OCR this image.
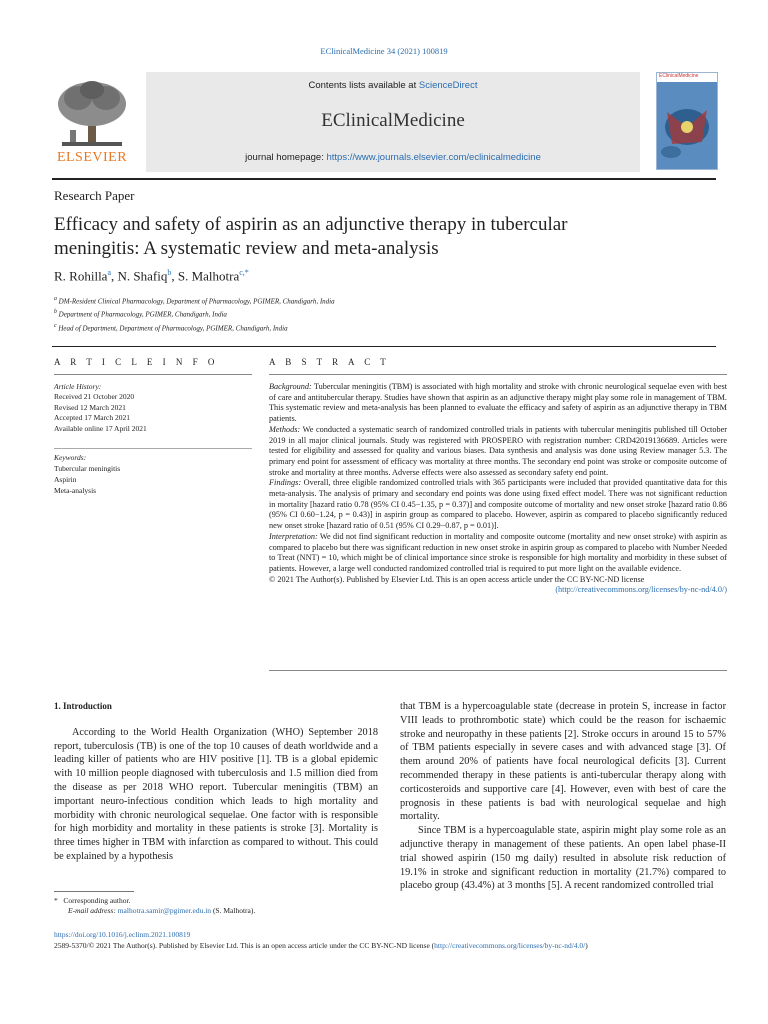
EClinicalMedicine 34 (2021) 100819
ELSEVIER
Contents lists available at ScienceDirect
EClinicalMedicine
journal homepage: https://www.journals.elsevier.com/eclinicalmedicine
EClinicalMedicine
Research Paper
Efficacy and safety of aspirin as an adjunctive therapy in tubercular meningitis: A systematic review and meta-analysis
R. Rohilla$^a$, N. Shafiq$^b$, S. Malhotra$^{c,*}$
$^a$ DM-Resident Clinical Pharmacology, Department of Pharmacology, PGIMER, Chandigarh, India
$^b$ Department of Pharmacology, PGIMER, Chandigarh, India
$^c$ Head of Department, Department of Pharmacology, PGIMER, Chandigarh, India
A R T I C L E I N F O
Article History:
Received 21 October 2020
Revised 12 March 2021
Accepted 17 March 2021
Available online 17 April 2021
Keywords:
Tubercular meningitis
Aspirin
Meta-analysis
A B S T R A C T

Background: Tubercular meningitis (TBM) is associated with high mortality and stroke with chronic neurological sequelae even with best of care and antitubercular therapy. Studies have shown that aspirin as an adjunctive therapy might play some role in management of TBM. This systematic review and meta-analysis has been planned to evaluate the efficacy and safety of aspirin as an adjunctive therapy in TBM patients.

Methods: We conducted a systematic search of randomized controlled trials in patients with tubercular meningitis published till October 2019 in all major clinical journals. Study was registered with PROSPERO with registration number: CRD42019136689. Articles were tested for eligibility and assessed for quality and various biases. Data synthesis and analysis was done using Review manager 5.3. The primary end point for assessment of efficacy was mortality at three months. The secondary end point was stroke or composite outcome of stroke and mortality at three months. Adverse effects were also assessed as secondary safety end point.

Findings: Overall, three eligible randomized controlled trials with 365 participants were included that provided quantitative data for this meta-analysis. The analysis of primary and secondary end points was done using fixed effect model. There was not significant reduction in mortality [hazard ratio 0.78 (95% CI 0.45−1.35, p = 0.37)] and composite outcome of mortality and new onset stroke [hazard ratio 0.86 (95% CI 0.60−1.24, p = 0.43)] in aspirin group as compared to placebo. However, aspirin as compared to placebo significantly reduced new onset stroke [hazard ratio of 0.51 (95% CI 0.29−0.87, p = 0.01)].

Interpretation: We did not find significant reduction in mortality and composite outcome (mortality and new onset stroke) with aspirin as compared to placebo but there was significant reduction in new onset stroke in aspirin group as compared to placebo with Number Needed to Treat (NNT) = 10, which might be of clinical importance since stroke is responsible for high mortality and morbidity in these subset of patients. However, a large well conducted randomized controlled trial is required to put more light on the available evidence.

© 2021 The Author(s). Published by Elsevier Ltd. This is an open access article under the CC BY-NC-ND license

(http://creativecommons.org/licenses/by-nc-nd/4.0/)

1. Introduction

According to the World Health Organization (WHO) September 2018 report, tuberculosis (TB) is one of the top 10 causes of death worldwide and a leading killer of patients who are HIV positive [1]. TB is a global epidemic with 10 million people diagnosed with tuberculosis and 1.5 million died from the disease as per 2018 WHO report. Tubercular meningitis (TBM) an important neuro-infectious condition which leads to high mortality and morbidity with chronic neurological sequelae. One factor with is responsible for high morbidity and mortality in these patients is stroke [3]. Mortality is three times higher in TBM with infarction as compared to without. This could be explained by a hypothesis

that TBM is a hypercoagulable state (decrease in protein S, increase in factor VIII leads to prothrombotic state) which could be the reason for ischaemic stroke and neuropathy in these patients [2]. Stroke occurs in around 15 to 57% of TBM patients especially in severe cases and with advanced stage [3]. Of them around 20% of patients have focal neurological deficits [3]. Current recommended therapy in these patients is anti-tubercular therapy along with corticosteroids and supportive care [4]. However, even with best of care the prognosis in these patients is bad with neurological sequelae and high mortality.

Since TBM is a hypercoagulable state, aspirin might play some role as an adjunctive therapy in management of these patients. An open label phase-II trial showed aspirin (150 mg daily) resulted in absolute risk reduction of 19.1% in stroke and significant reduction in mortality (21.7%) compared to placebo group (43.4%) at 3 months [5]. A recent randomized controlled trial

* Corresponding author.
E-mail address: malhotra.samir@pgimer.edu.in (S. Malhotra).
https://doi.org/10.1016/j.eclinm.2021.100819
2589-5370/© 2021 The Author(s). Published by Elsevier Ltd. This is an open access article under the CC BY-NC-ND license (http://creativecommons.org/licenses/by-nc-nd/4.0/)
